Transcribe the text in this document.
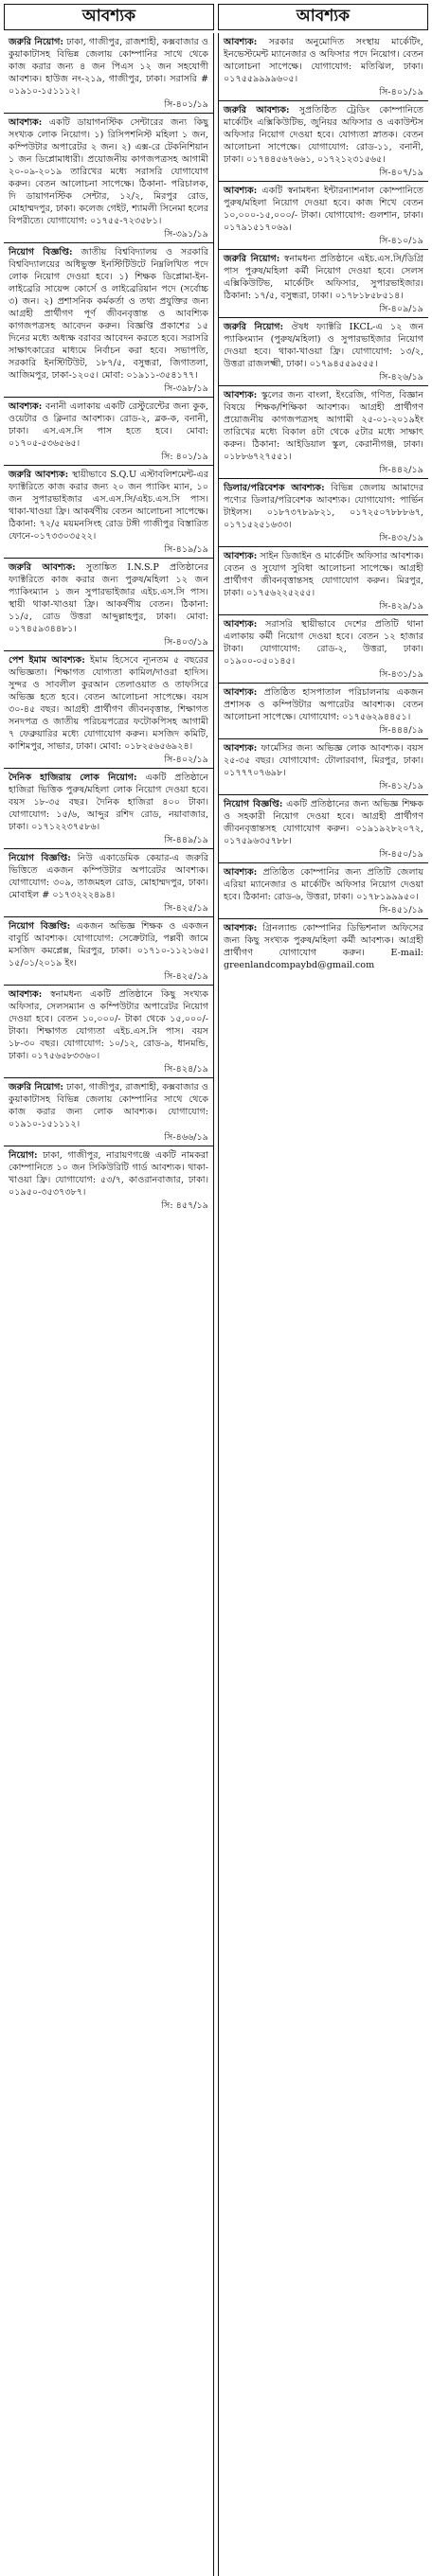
আবশ্যক
জরুরি নিয়োগ: ঢাকা, গাজীপুর, রাজশাহী, কক্সবাজার ও কুয়াকাটাসহ বিভিন্ন জেলায় কোম্পানির সাথে থেকে কাজ করার জন্য ৪ জন পিএস ১২ জন সহযোগী আবশ্যক। হাউজ নং-২১৯, গাজীপুর, ঢাকা। সরাসরি # ০১৯১০-১৫১১১২।
সি-৪০১/১৯
আবশ্যক: একটি ডায়াগনস্টিক সেন্টারের জন্য কিছু সংখ্যক লোক নিয়োগ। ১) রিসিপশনিস্ট মহিলা ১ জন, কম্পিউটার অপারেটর ২ জন। ২) এক্স-রে টেকনিশিয়ান ১ জন ডিপ্লোমাধারী। প্রয়োজনীয় কাগজপত্রসহ আগামী ২০-০৯-২০১৯ তারিখের মধ্যে সরাসরি যোগাযোগ করুন। বেতন আলোচনা সাপেক্ষে। ঠিকানা- পরিচালক, দি ডায়াগনস্টিক সেন্টার, ১২/২, মিরপুর রোড, মোহাম্মদপুর, ঢাকা। কলেজ গেইট, শ্যামলী সিনেমা হলের বিপরীতে। যোগাযোগ: ০১৭৫৫-৭২৩৫৮১।
সি-৩৯১/১৯
নিয়োগ বিজ্ঞপ্তি: জাতীয় বিশ্ববিদ্যালয় ও সরকারি বিশ্ববিদ্যালয়ের অধিভুক্ত ইনস্টিটিউটে নিম্নলিখিত পদে লোক নিয়োগ দেওয়া হবে। ১) শিক্ষক ডিপ্লোমা-ইন-লাইব্রেরি সায়েন্স কোর্সে ও লাইব্রেরিয়ান পদে (সর্বোচ্চ ৩) জন। ২) প্রশাসনিক কর্মকর্তা ও তথ্য প্রযুক্তির জন্য আগ্রহী প্রার্থীগণ পূর্ণ জীবনবৃত্তান্ত ও আবশ্যিক কাগজপত্রসহ আবেদন করুন। বিজ্ঞপ্তি প্রকাশের ১৫ দিনের মধ্যে অধ্যক্ষ বরাবর আবেদন করতে হবে। সরাসরি সাক্ষাৎকারের মাধ্যমে নির্বাচন করা হবে। সভাপতি, সরকারি ইনস্টিটিউট, ১৮৭/৫, বসুন্ধরা, জিগাতলা, আজিমপুর, ঢাকা-১২০৫। মোবা: ০১৯১১-৩৫৪১৭৭।
সি-৩৯৮/১৯
আবশ্যক: বনানী এলাকায় একটি রেস্টুরেন্টের জন্য কুক, ওয়েটার ও ক্লিনার আবশ্যক। রোড-২, ব্লক-ক, বনানী, ঢাকা। এস.এস.সি পাস হতে হবে। মোবা: ০১৭০৫-৫৩৬৫৬৫।
সি: ৪০১/১৯
জরুরি আবশ্যক: স্থায়ীভাবে S.Q.U এস্টাবলিশমেন্ট-এর ফ্যাক্টরিতে কাজ করার জন্য ২০ জন প্যাকিং ম্যান, ১০ জন সুপারভাইজার এস.এস.সি/এইচ.এস.সি পাস। থাকা-খাওয়া ফ্রি। আকর্ষণীয় বেতন আলোচনা সাপেক্ষে। ঠিকানা: ৭২/৫ ময়মনসিংহ রোড টঙ্গী গাজীপুর বিস্তারিত ফোনে-০১৭৩৩০৩৫২২।
সি-৪১৯/১৯
জরুরি আবশ্যক: সুতাঙ্কিত I.N.S.P প্রতিষ্ঠানের ফ্যাক্টরিতে কাজ করার জন্য পুরুষ/মহিলা ১২ জন প্যাকিংম্যান ১ জন সুপারভাইজার এইচ.এস.সি পাস। স্থায়ী থাকা-খাওয়া ফ্রি। আকর্ষণীয় বেতন। ঠিকানা: ১১/৫, রোড উত্তরা আব্দুল্লাহপুর, ঢাকা। মোবা: ০১৭৪৫৯৩৪৪৮১।
সি-৪০৩/১৯
পেশ ইমাম আবশ্যক: ইমাম হিসেবে ন্যূনতম ৫ বছরের অভিজ্ঞতা। শিক্ষাগত যোগ্যতা কামিল/দাওরা হাদিস। সুন্দর ও সাবলীল কুরআন তেলাওয়াত ও তাফসিরে অভিজ্ঞ হতে হবে। বেতন আলোচনা সাপেক্ষে। বয়স ৩০-৪৫ বছর। আগ্রহী প্রার্থীগণ জীবনবৃত্তান্ত, শিক্ষাগত সনদপত্র ও জাতীয় পরিচয়পত্রের ফটোকপিসহ আগামী ৭ ফেব্রুয়ারির মধ্যে যোগাযোগ করুন। মসজিদ কমিটি, কাশিমপুর, সাভার, ঢাকা। মোবা: ০১৮২৫৬৫৬৯২৪।
সি-৪০২/১৯
দৈনিক হাজিরায় লোক নিয়োগ: একটি প্রতিষ্ঠানে হাজিরা ভিত্তিক পুরুষ/মহিলা লোক নিয়োগ দেওয়া হবে। বয়স ১৮-৩৫ বছর। দৈনিক হাজিরা ৪০০ টাকা। যোগাযোগ: ১৫/৬, আব্দুর রশিদ রোড, নয়াবাজার, ঢাকা। ০১৭১২২৩৭৫৮৬।
সি-৪৪৯/১৯
নিয়োগ বিজ্ঞপ্তি: নিউ একাডেমিক কেয়ার-এ জরুরি ভিত্তিতে একজন কম্পিউটার অপারেটর আবশ্যক। যোগাযোগ: ৩০৯, তাজমহল রোড, মোহাম্মদপুর, ঢাকা। মোবাইল # ০১৭৩২২২৪৯৪।
সি-৪২৫/১৯
নিয়োগ বিজ্ঞপ্তি: একজন অভিজ্ঞ শিক্ষক ও একজন বাবুর্চি আবশ্যক। যোগাযোগ: সেক্রেটারি, পল্লবী জামে মসজিদ কমপ্লেক্স, মিরপুর, ঢাকা। ০১৭১০-১১২১৬৫। ১৫/০১/২০১৯ ইং।
সি-৪২৫/১৯
আবশ্যক: স্বনামধন্য একটি প্রতিষ্ঠানে কিছু সংখ্যক অফিসার, সেলসম্যান ও কম্পিউটার অপারেটর নিয়োগ দেওয়া হবে। বেতন ১০,০০০/- টাকা থেকে ১৫,০০০/- টাকা। শিক্ষাগত যোগ্যতা এইচ.এস.সি পাস। বয়স ১৮-৩০ বছর। যোগাযোগ: ১০/১২, রোড-৯, ধানমন্ডি, ঢাকা। ০১৭৫৬৫৮৩৩৬০।
সি-৪২৪/১৯
জরুরি নিয়োগ: ঢাকা, গাজীপুর, রাজশাহী, কক্সবাজার ও কুয়াকাটাসহ বিভিন্ন জেলায় কোম্পানির সাথে থেকে কাজ করার জন্য লোক আবশ্যক। যোগাযোগ: ০১৯১০-১৫১১১২।
সি-৪৬৬/১৯
নিয়োগ: ঢাকা, গাজীপুর, নারায়ণগঞ্জে একটি নামকরা কোম্পানিতে ১০ জন সিকিউরিটি গার্ড আবশ্যক। থাকা-খাওয়া ফ্রি। যোগাযোগ: ৫৩/৭, কাওরানবাজার, ঢাকা। ০১৯৫০-৩৫৩৭৩৮৭।
সি: ৪৫৭/১৯
আবশ্যক
আবশ্যক: সরকার অনুমোদিত সংস্থায় মার্কেটিং, ইনভেস্টমেন্ট ম্যানেজার ও অফিসার পদে নিয়োগ। বেতন আলোচনা সাপেক্ষে। যোগাযোগ: মতিঝিল, ঢাকা। ০১৭৫৫৯৯৯৯৬০৫।
সি-৪০১/১৯
জরুরি আবশ্যক: সুপ্রতিষ্ঠিত ট্রেডিং কোম্পানিতে মার্কেটিং এক্সিকিউটিভ, জুনিয়র অফিসার ও একাউন্টস অফিসার নিয়োগ দেওয়া হবে। যোগ্যতা স্নাতক। বেতন আলোচনা সাপেক্ষে। যোগাযোগ: রোড-১১, বনানী, ঢাকা। ০১৭৪৪৫৬৭৬৬১, ০১৭২১২৩১৫৬৫।
সি-৪০৭/১৯
আবশ্যক: একটি স্বনামধন্য ইন্টারন্যাশনাল কোম্পানিতে পুরুষ/মহিলা নিয়োগ দেওয়া হবে। কাজ শিখে বেতন ১০,০০০-১৫,০০০/- টাকা। যোগাযোগ: গুলশান, ঢাকা। ০১৭৯১৫১৭০৬৯।
সি-৪১০/১৯
জরুরি নিয়োগ: স্বনামধন্য প্রতিষ্ঠানে এইচ.এস.সি/ডিগ্রি পাস পুরুষ/মহিলা কর্মী নিয়োগ দেওয়া হবে। সেলস এক্সিকিউটিভ, মার্কেটিং অফিসার, সুপারভাইজার। ঠিকানা: ১৭/৫, বসুন্ধরা, ঢাকা। ০১৭৮১৮৫৮৫১৪।
সি-৪০৯/১৯
জরুরি নিয়োগ: ঔষধ ফ্যাক্টরি IKCL-এ ১২ জন প্যাকিংম্যান (পুরুষ/মহিলা) ও সুপারভাইজার নিয়োগ দেওয়া হবে। থাকা-খাওয়া ফ্রি। যোগাযোগ: ১৩/২, উত্তরা রাজলক্ষ্মী, ঢাকা। ০১৭৯৪৫৫৯৫৫৫।
সি-৪২৬/১৯
আবশ্যক: স্কুলের জন্য বাংলা, ইংরেজি, গণিত, বিজ্ঞান বিষয়ে শিক্ষক/শিক্ষিকা আবশ্যক। আগ্রহী প্রার্থীগণ প্রয়োজনীয় কাগজপত্রসহ আগামী ২৫-০১-২০১৯ইং তারিখের মধ্যে বিকাল ৪টা থেকে ৫টার মধ্যে সাক্ষাৎ করুন। ঠিকানা: আইডিয়াল স্কুল, কেরানীগঞ্জ, ঢাকা। ০১৮৮৬৭২৭৫৫১।
সি-৪৪২/১৯
ডিলার/পরিবেশক আবশ্যক: বিভিন্ন জেলায় আমাদের পণ্যের ডিলার/পরিবেশক আবশ্যক। যোগাযোগ: পার্ভিন টাইলস। ০১৮৭৩৭৮৯৮২১, ০১৭২৫০৭৮৮৮৬৭, ০১৭১৫২৫১৬৩৩।
সি-৪৩২/১৯
আবশ্যক: সাইন ডিজাইন ও মার্কেটিং অফিসার আবশ্যক। বেতন ও সুযোগ সুবিধা আলোচনা সাপেক্ষে। আগ্রহী প্রার্থীগণ জীবনবৃত্তান্তসহ যোগাযোগ করুন। মিরপুর, ঢাকা। ০১৭৫৬২২৫২৫৫।
সি-৪২৯/১৯
আবশ্যক: সরাসরি স্থায়ীভাবে দেশের প্রতিটি থানা এলাকায় কর্মী নিয়োগ দেওয়া হবে। বেতন ১২ হাজার টাকা। যোগাযোগ: রোড-২, উত্তরা, ঢাকা। ০১৯০০-০৫০১৪৫।
সি-৪৩১/১৯
আবশ্যক: প্রতিষ্ঠিত হাসপাতাল পরিচালনায় একজন প্রশাসক ও কম্পিউটার অপারেটর আবশ্যক। বেতন আলোচনা সাপেক্ষে। যোগাযোগ: ০১৭৫৬২৯৪৪৫১।
সি-৪৪৪/১৯
আবশ্যক: ফার্মেসির জন্য অভিজ্ঞ লোক আবশ্যক। বয়স ২৫-৩৫ বছর। যোগাযোগ: টোলারবাগ, মিরপুর, ঢাকা। ০১৭৭৭০৭৬৯৮।
সি-৪১২/১৯
নিয়োগ বিজ্ঞপ্তি: একটি প্রতিষ্ঠানের জন্য অভিজ্ঞ শিক্ষক ও সহকারী নিয়োগ দেওয়া হবে। আগ্রহী প্রার্থীগণ জীবনবৃত্তান্তসহ যোগাযোগ করুন। ০১৯১৯২৮২০৭২, ০১৭৫৯৬৩৫৭৮৮।
সি-৪৫০/১৯
আবশ্যক: প্রতিষ্ঠিত কোম্পানির জন্য প্রতিটি জেলায় এরিয়া ম্যানেজার ও মার্কেটিং অফিসার নিয়োগ দেওয়া হবে। ঠিকানা: রোড-৬, উত্তরা, ঢাকা। ০১৭৮১৯৯৯৫০।
সি-৪৫১/১৯
আবশ্যক: গ্রিনল্যান্ড কোম্পানির ডিভিশনাল অফিসের জন্য কিছু সংখ্যক পুরুষ/মহিলা কর্মী আবশ্যক। আগ্রহী প্রার্থীগণ যোগাযোগ করুন। E-mail: greenlandcompaybd@gmail.com
